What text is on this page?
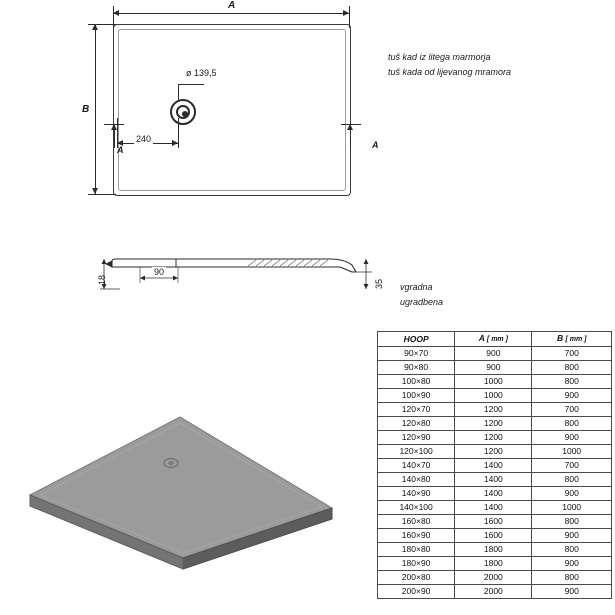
A
B
ø 139,5
240
A	A
tuš kad iz litega marmorja
tuš kada od lijevanog mramora
18	35
90
vgradna
ugradbena
HOOP	A [ mm ]	B [ mm ]
90×70	900	700
90×80	900	800
100×80	1000	800
100×90	1000	900
120×70	1200	700
120×80	1200	800
120×90	1200	900
120×100	1200	1000
140×70	1400	700
140×80	1400	800
140×90	1400	900
140×100	1400	1000
160×80	1600	800
160×90	1600	900
180×80	1800	800
180×90	1800	900
200×80	2000	800
200×90	2000	900
